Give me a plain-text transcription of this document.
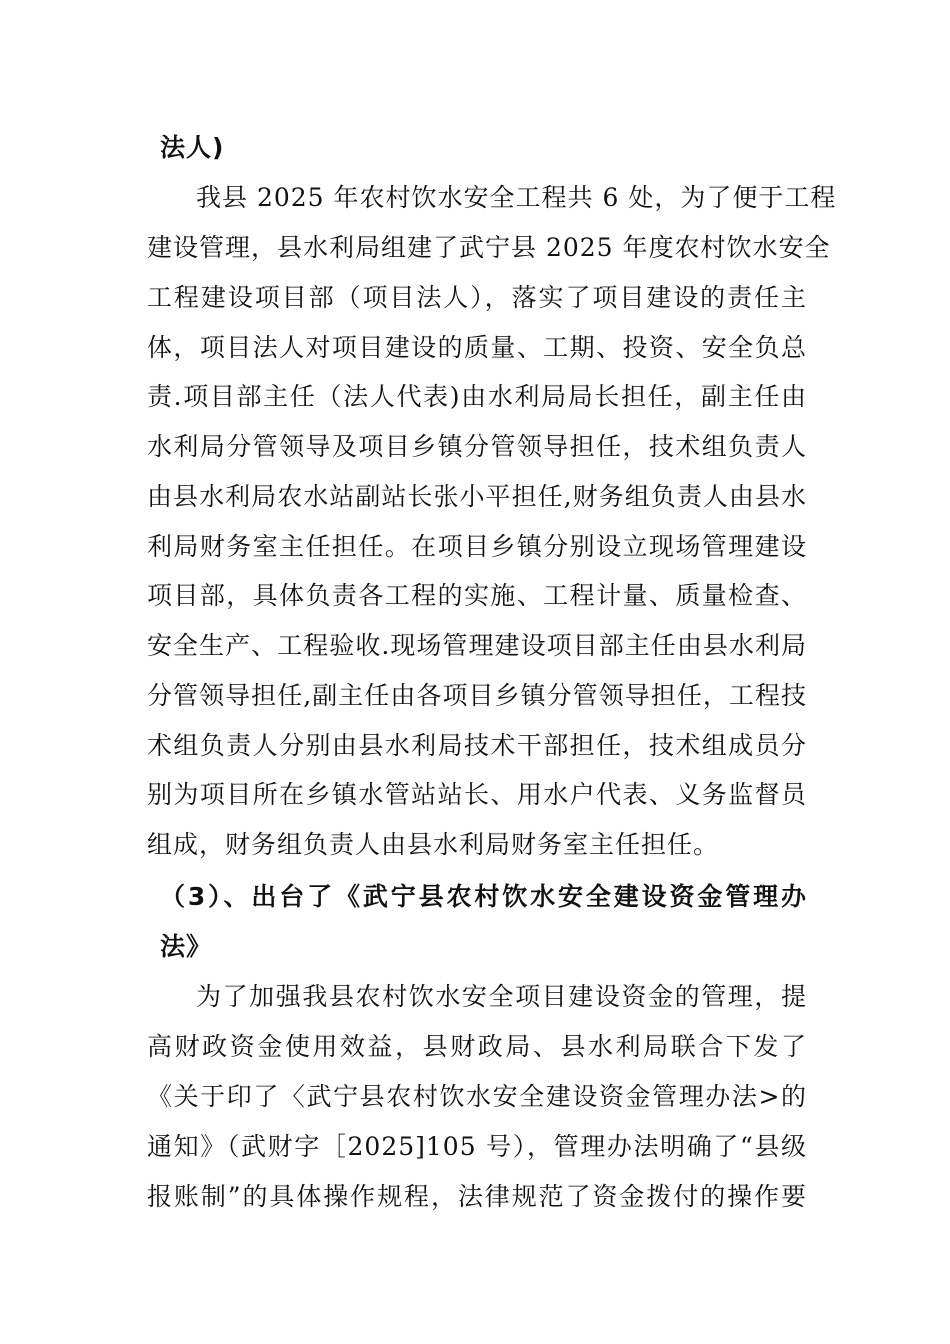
法人)
我县 2025 年农村饮水安全工程共 6 处，为了便于工程
建设管理，县水利局组建了武宁县 2025 年度农村饮水安全
工程建设项目部（项目法人），落实了项目建设的责任主
体，项目法人对项目建设的质量、工期、投资、安全负总
责.项目部主任（法人代表)由水利局局长担任，副主任由
水利局分管领导及项目乡镇分管领导担任，技术组负责人
由县水利局农水站副站长张小平担任,财务组负责人由县水
利局财务室主任担任。在项目乡镇分别设立现场管理建设
项目部，具体负责各工程的实施、工程计量、质量检查、
安全生产、工程验收.现场管理建设项目部主任由县水利局
分管领导担任,副主任由各项目乡镇分管领导担任，工程技
术组负责人分别由县水利局技术干部担任，技术组成员分
别为项目所在乡镇水管站站长、用水户代表、义务监督员
组成，财务组负责人由县水利局财务室主任担任。
（3）、出台了《武宁县农村饮水安全建设资金管理办
法》
为了加强我县农村饮水安全项目建设资金的管理，提
高财政资金使用效益，县财政局、县水利局联合下发了
《关于印了〈武宁县农村饮水安全建设资金管理办法>的
通知》（武财字［2025]105 号），管理办法明确了“县级
报账制”的具体操作规程，法律规范了资金拨付的操作要
